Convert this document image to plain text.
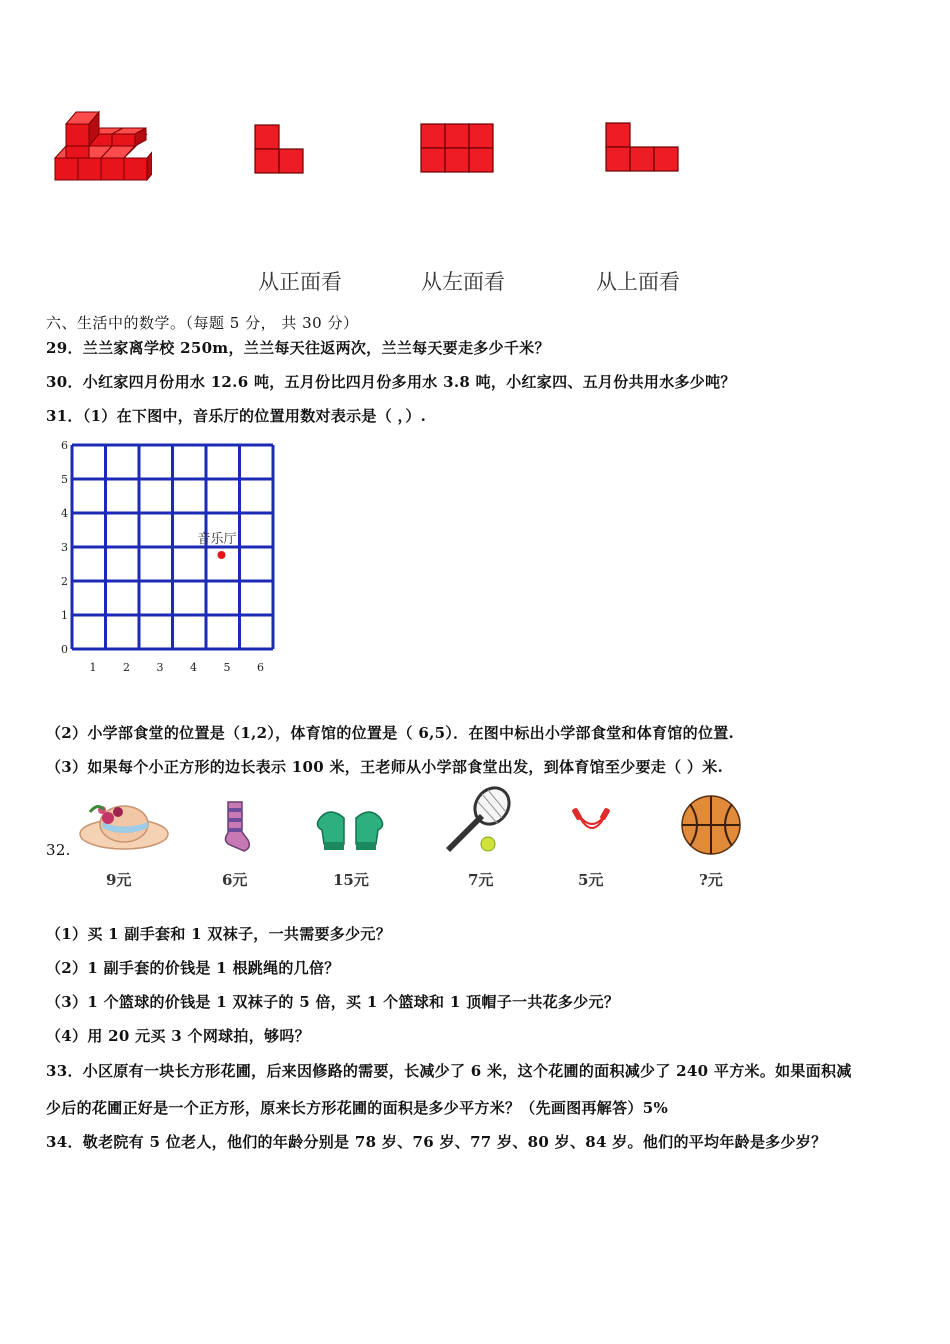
从正面看	从左面看	从上面看
六、生活中的数学。（每题 5 分， 共 30 分）
29．兰兰家离学校 250m，兰兰每天往返两次，兰兰每天要走多少千米？
30．小红家四月份用水 12.6 吨，五月份比四月份多用水 3.8 吨，小红家四、五月份共用水多少吨？
31．（1）在下图中，音乐厅的位置用数对表示是（ ，）.
1 2 3 4 5 6
0
1
2
3
4
5
6
音乐厅
（2）小学部食堂的位置是（1,2），体育馆的位置是（ 6,5）．在图中标出小学部食堂和体育馆的位置.
（3）如果每个小正方形的边长表示 100 米，王老师从小学部食堂出发，到体育馆至少要走（ ）米.
32.
9元	6元	15元	7元	5元	?元
（1）买 1 副手套和 1 双袜子，一共需要多少元？
（2）1 副手套的价钱是 1 根跳绳的几倍？
（3）1 个篮球的价钱是 1 双袜子的 5 倍，买 1 个篮球和 1 顶帽子一共花多少元？
（4）用 20 元买 3 个网球拍，够吗？
33．小区原有一块长方形花圃，后来因修路的需要，长减少了 6 米，这个花圃的面积减少了 240 平方米。如果面积减
少后的花圃正好是一个正方形，原来长方形花圃的面积是多少平方米？（先画图再解答）5%
34．敬老院有 5 位老人，他们的年龄分别是 78 岁、76 岁、77 岁、80 岁、84 岁。他们的平均年龄是多少岁？
